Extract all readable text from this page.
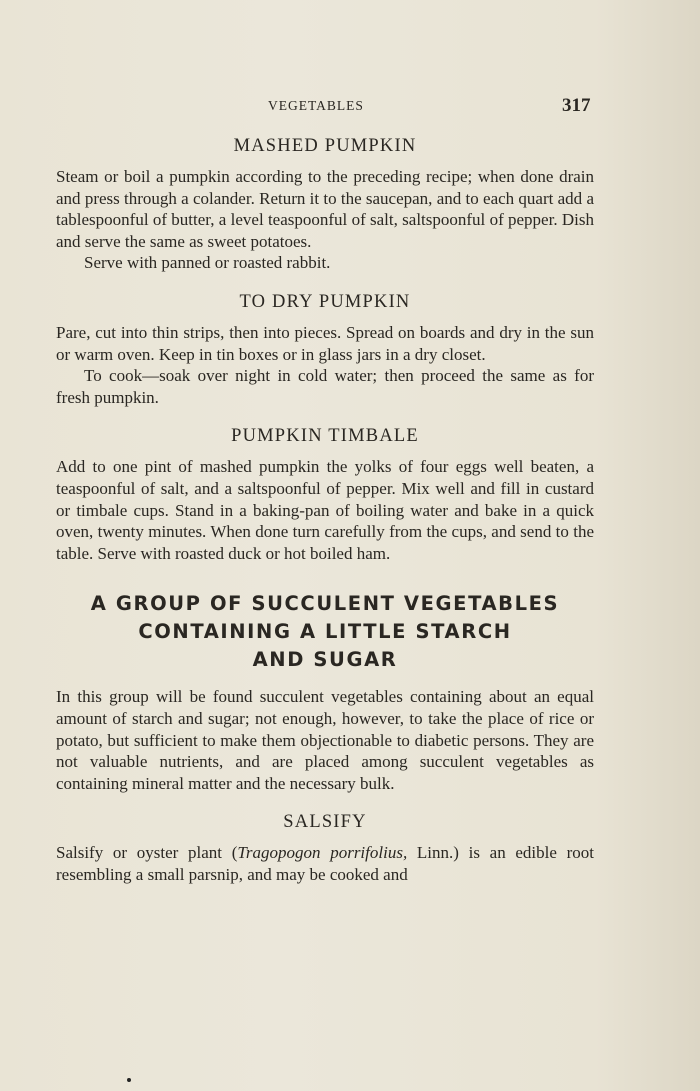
VEGETABLES	317
MASHED PUMPKIN

Steam or boil a pumpkin according to the preceding recipe; when done drain and press through a colander. Return it to the saucepan, and to each quart add a tablespoonful of butter, a level teaspoonful of salt, saltspoonful of pepper. Dish and serve the same as sweet potatoes.

Serve with panned or roasted rabbit.

TO DRY PUMPKIN

Pare, cut into thin strips, then into pieces. Spread on boards and dry in the sun or warm oven. Keep in tin boxes or in glass jars in a dry closet.

To cook—soak over night in cold water; then proceed the same as for fresh pumpkin.

PUMPKIN TIMBALE

Add to one pint of mashed pumpkin the yolks of four eggs well beaten, a teaspoonful of salt, and a saltspoonful of pepper. Mix well and fill in custard or timbale cups. Stand in a baking-pan of boiling water and bake in a quick oven, twenty minutes. When done turn carefully from the cups, and send to the table. Serve with roasted duck or hot boiled ham.

A GROUP OF SUCCULENT VEGETABLES
CONTAINING A LITTLE STARCH
AND SUGAR

In this group will be found succulent vegetables containing about an equal amount of starch and sugar; not enough, however, to take the place of rice or potato, but sufficient to make them objectionable to diabetic persons. They are not valuable nutrients, and are placed among succulent vegetables as containing mineral matter and the necessary bulk.

SALSIFY

Salsify or oyster plant (Tragopogon porrifolius, Linn.) is an edible root resembling a small parsnip, and may be cooked and
